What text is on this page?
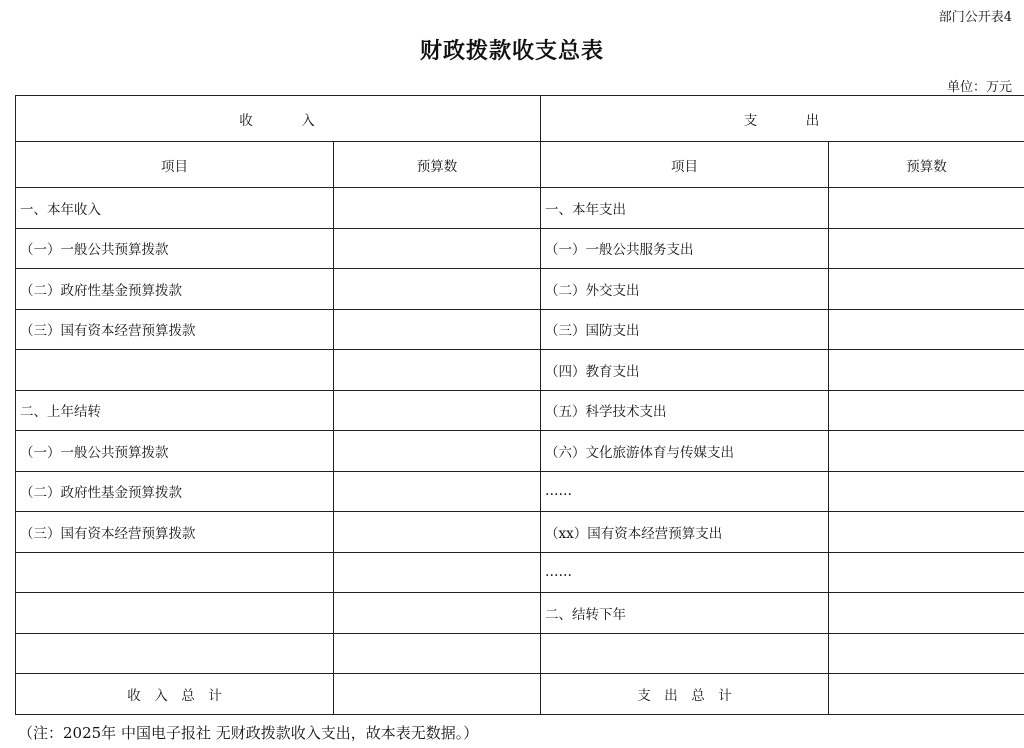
部门公开表4
财政拨款收支总表
单位：万元
收　　　入		支　　　出	
项目	预算数	项目	预算数
一、本年收入		一、本年支出	
（一）一般公共预算拨款		（一）一般公共服务支出	
（二）政府性基金预算拨款		（二）外交支出	
（三）国有资本经营预算拨款		（三）国防支出	
		（四）教育支出	
二、上年结转		（五）科学技术支出	
（一）一般公共预算拨款		（六）文化旅游体育与传媒支出	
（二）政府性基金预算拨款		……	
（三）国有资本经营预算拨款		（xx）国有资本经营预算支出	
		……	
		二、结转下年	

收　入　总　计		支　出　总　计	
（注：2025年 中国电子报社 无财政拨款收入支出，故本表无数据。）
